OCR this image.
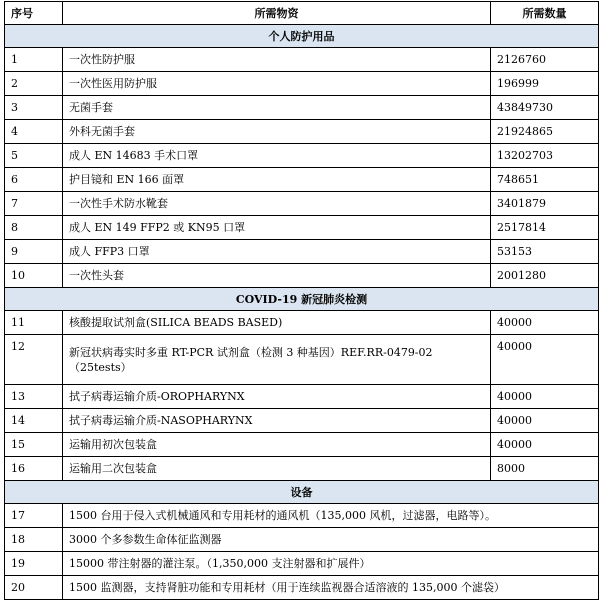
序号	所需物资	所需数量
个人防护用品		
1	一次性防护服	2126760
2	一次性医用防护服	196999
3	无菌手套	43849730
4	外科无菌手套	21924865
5	成人 EN 14683 手术口罩	13202703
6	护目镜和 EN 166 面罩	748651
7	一次性手术防水靴套	3401879
8	成人 EN 149 FFP2 或 KN95 口罩	2517814
9	成人 FFP3 口罩	53153
10	一次性头套	2001280
COVID-19 新冠肺炎检测		
11	核酸提取试剂盒(SILICA BEADS BASED)	40000
12	新冠状病毒实时多重 RT-PCR 试剂盒（检测 3 种基因）REF.RR-0479-02（25tests）	40000
13	拭子病毒运输介质-OROPHARYNX	40000
14	拭子病毒运输介质-NASOPHARYNX	40000
15	运输用初次包装盒	40000
16	运输用二次包装盒	8000
设备		
17	1500 台用于侵入式机械通风和专用耗材的通风机（135,000 风机，过滤器，电路等）。	
18	3000 个多参数生命体征监测器	
19	15000 带注射器的灌注泵。（1,350,000 支注射器和扩展件）	
20	1500 监测器，支持肾脏功能和专用耗材（用于连续监视器合适溶液的 135,000 个滤袋）	
